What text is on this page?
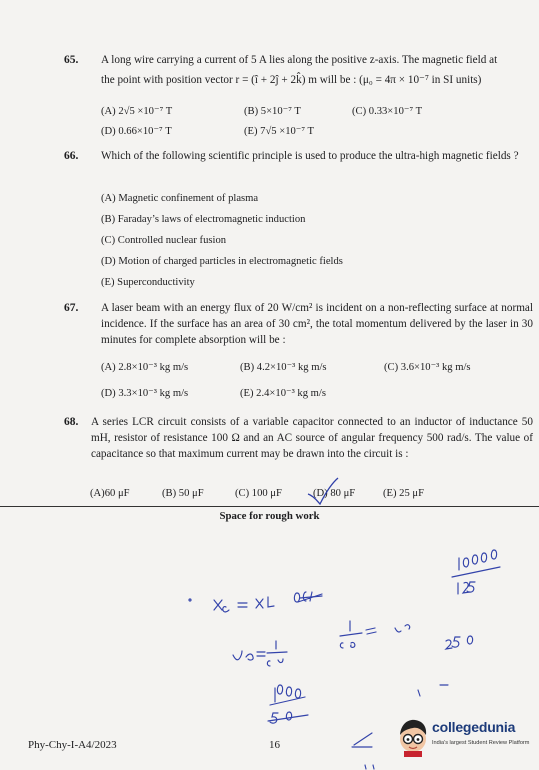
65. A long wire carrying a current of 5 A lies along the positive z-axis. The magnetic field at
the point with position vector r = (î + 2ĵ + 2k̂) m will be : (μ₀ = 4π × 10⁻⁷ in SI units)
(A) 2√5 ×10⁻⁷ T	(B) 5×10⁻⁷ T	(C) 0.33×10⁻⁷ T
(D) 0.66×10⁻⁷ T	(E) 7√5 ×10⁻⁷ T
66. Which of the following scientific principle is used to produce the ultra-high magnetic fields ?
(A) Magnetic confinement of plasma
(B) Faraday’s laws of electromagnetic induction
(C) Controlled nuclear fusion
(D) Motion of charged particles in electromagnetic fields
(E) Superconductivity
67. A laser beam with an energy flux of 20 W/cm² is incident on a non-reflecting surface at normal incidence. If the surface has an area of 30 cm², the total momentum delivered by the laser in 30 minutes for complete absorption will be :
(A) 2.8×10⁻³ kg m/s	(B) 4.2×10⁻³ kg m/s	(C) 3.6×10⁻³ kg m/s
(D) 3.3×10⁻³ kg m/s	(E) 2.4×10⁻³ kg m/s
68. A series LCR circuit consists of a variable capacitor connected to an inductor of inductance 50 mH, resistor of resistance 100 Ω and an AC source of angular frequency 500 rad/s. The value of capacitance so that maximum current may be drawn into the circuit is :
(A)60 μF	(B) 50 μF	(C) 100 μF	(D) 80 μF	(E) 25 μF
Space for rough work
Phy-Chy-I-A4/2023	16
collegedunia
India's largest Student Review Platform
